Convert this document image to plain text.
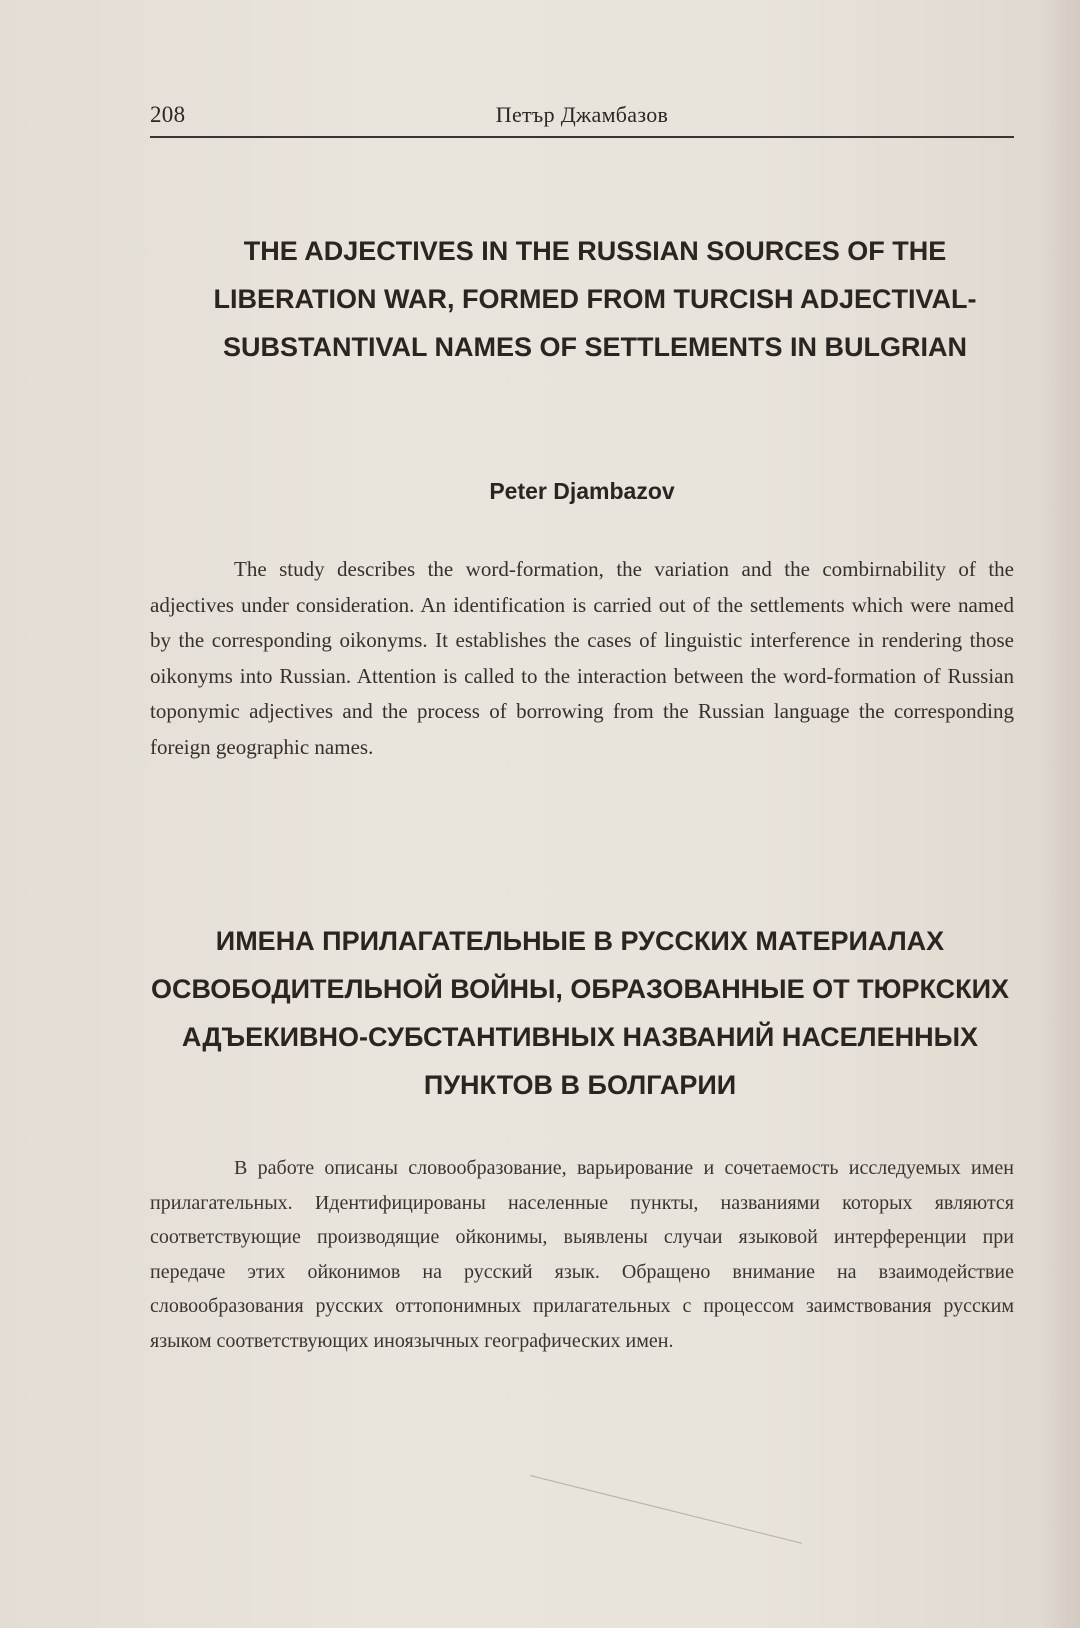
208	Петър Джамбазов
THE ADJECTIVES IN THE RUSSIAN SOURCES OF THE LIBERATION WAR, FORMED FROM TURCISH ADJECTIVAL-SUBSTANTIVAL NAMES OF SETTLEMENTS IN BULGRIAN
Peter Djambazov

The study describes the word-formation, the variation and the combirnability of the adjectives under consideration. An identification is carried out of the settlements which were named by the corresponding oikonyms. It establishes the cases of linguistic interference in rendering those oikonyms into Russian. Attention is called to the interaction between the word-formation of Russian toponymic adjectives and the process of borrowing from the Russian language the corresponding foreign geographic names.

ИМЕНА ПРИЛАГАТЕЛЬНЫЕ В РУССКИХ МАТЕРИАЛАХ ОСВОБОДИТЕЛЬНОЙ ВОЙНЫ, ОБРАЗОВАННЫЕ ОТ ТЮРКСКИХ АДЪЕКИВНО-СУБСТАНТИВНЫХ НАЗВАНИЙ НАСЕЛЕННЫХ ПУНКТОВ В БОЛГАРИИ

В работе описаны словообразование, варьирование и сочетаемость исследуемых имен прилагательных. Идентифицированы населенные пункты, названиями которых являются соответствующие производящие ойконимы, выявлены случаи языковой интерференции при передаче этих ойконимов на русский язык. Обращено внимание на взаимодействие словообразования русских оттопонимных прилагательных с процессом заимствования русским языком соответствующих иноязычных географических имен.
